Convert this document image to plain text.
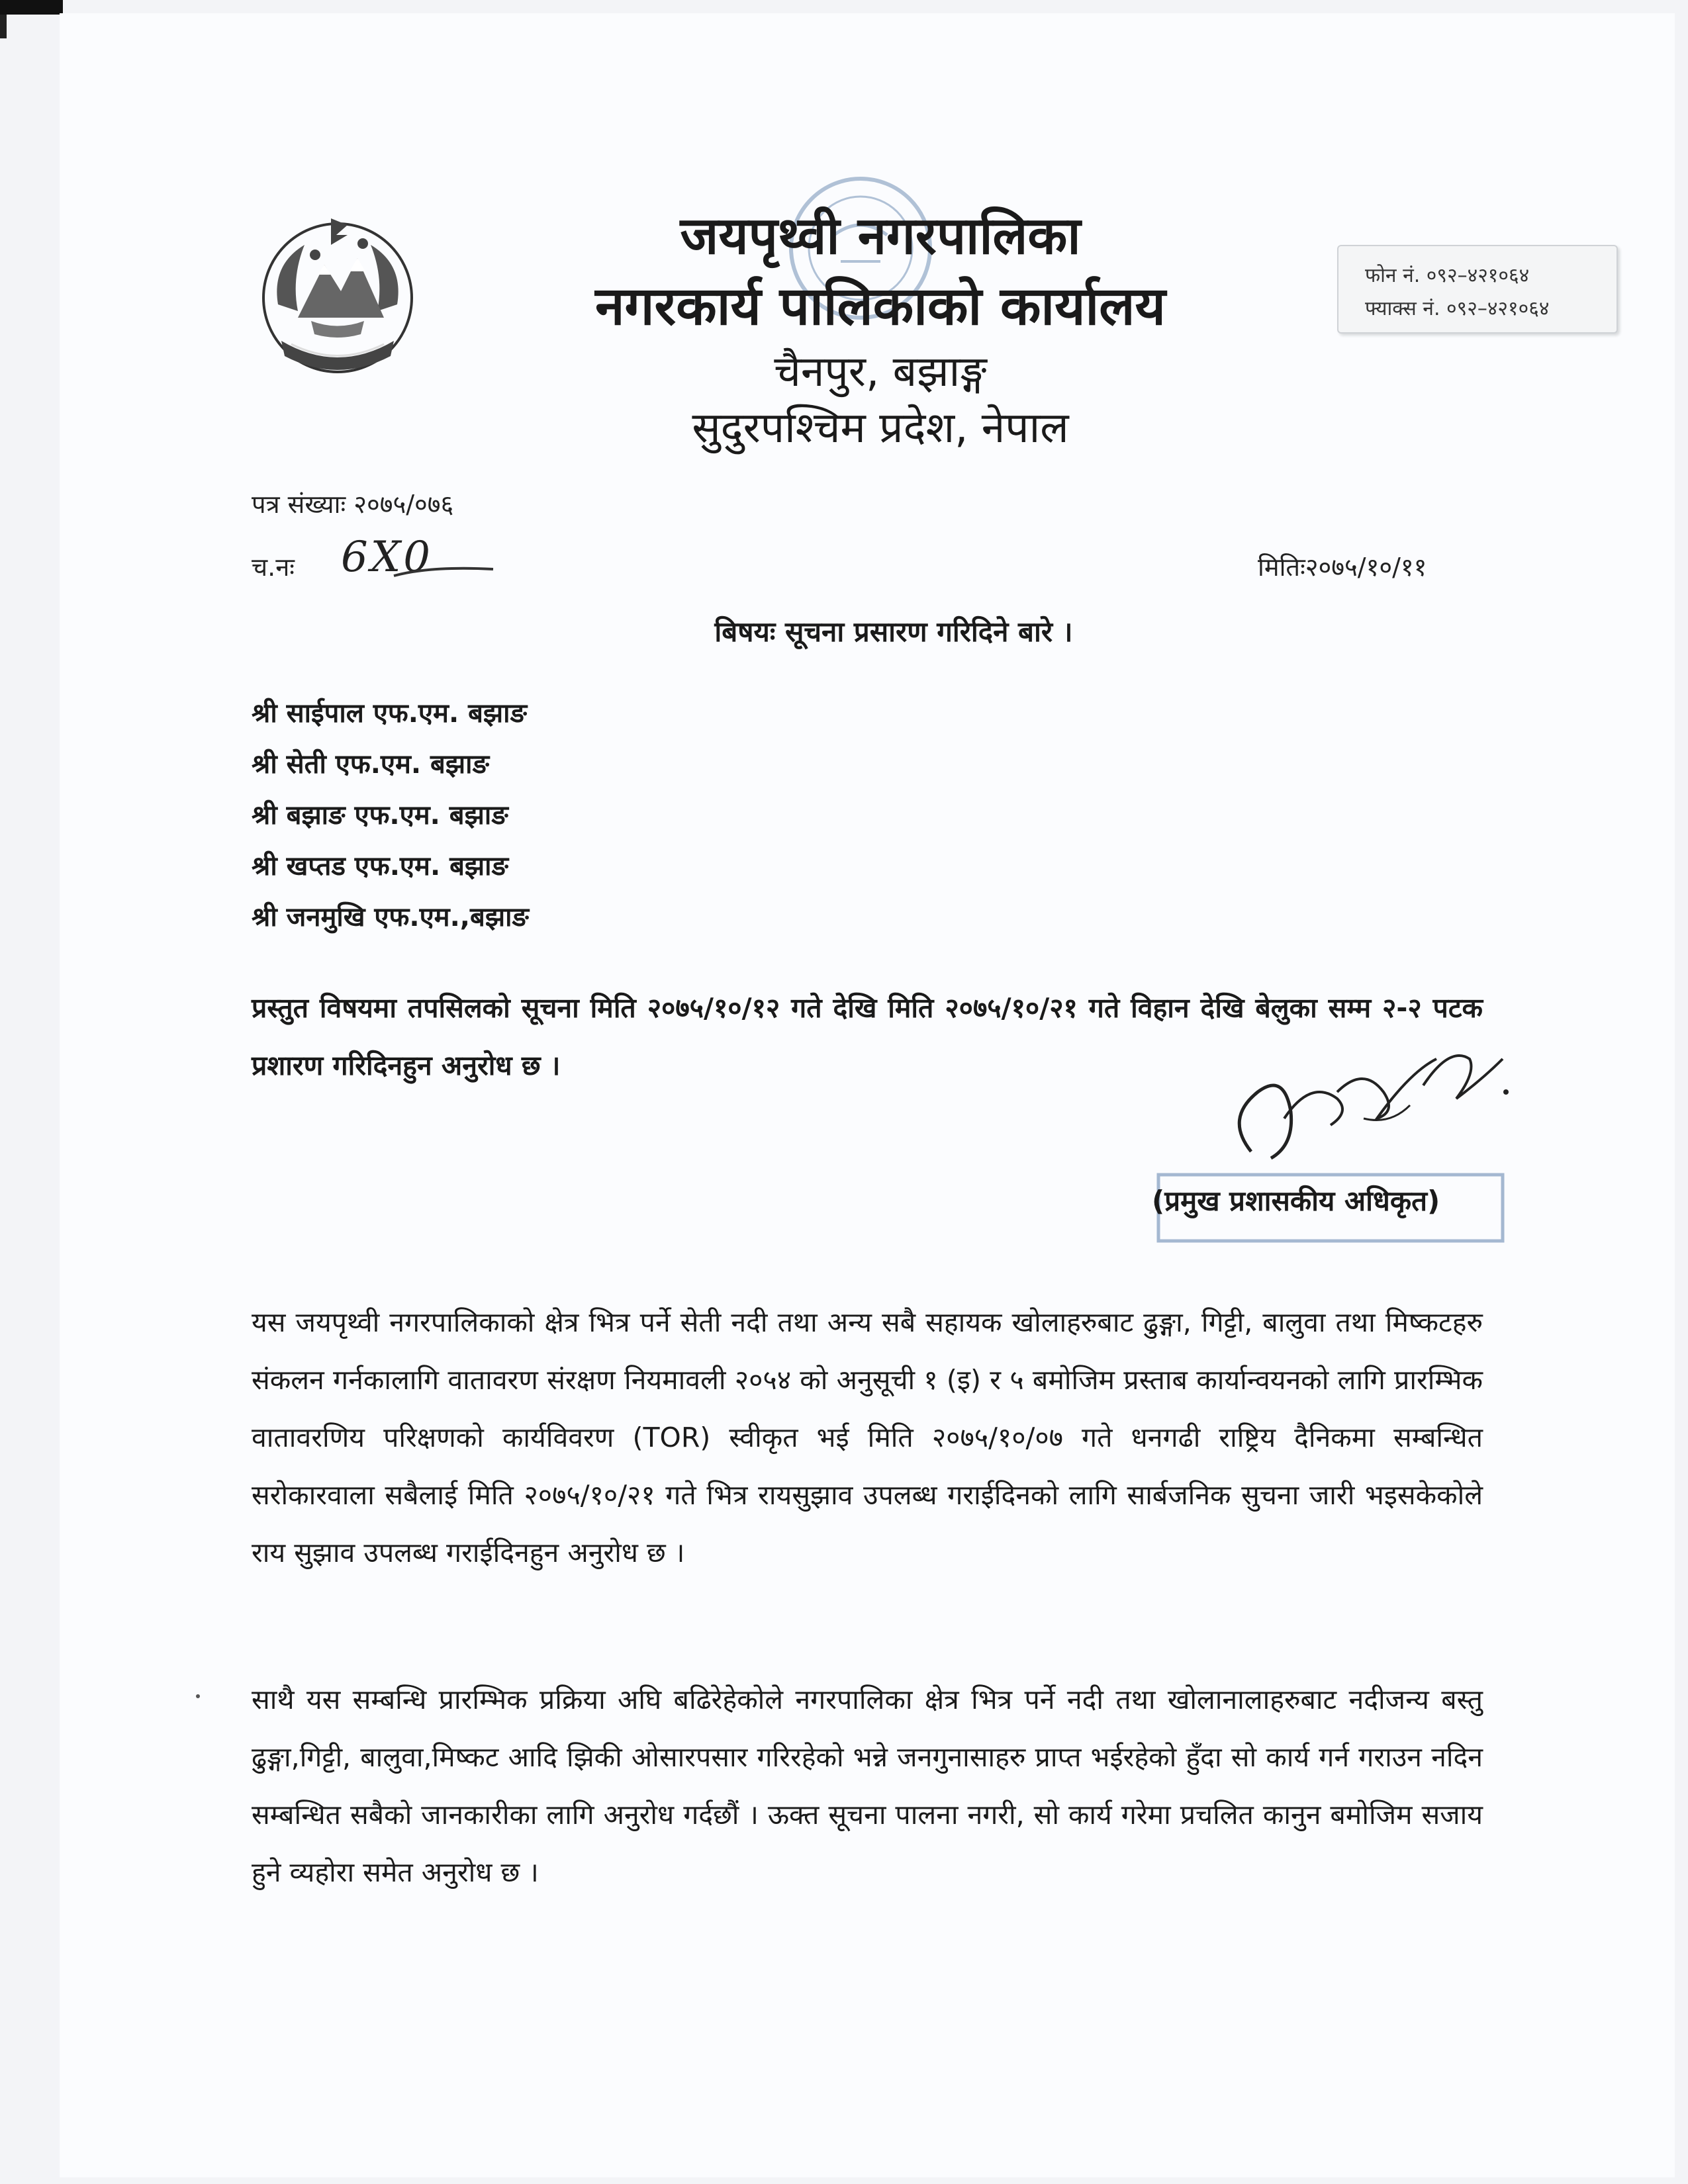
जयपृथ्वी नगरपालिका
नगरकार्य पालिकाको कार्यालय

चैनपुर, बझाङ्ग

सुदुरपश्चिम प्रदेश, नेपाल

फोन नं. ०९२–४२१०६४

फ्याक्स नं. ०९२–४२१०६४

पत्र संख्याः २०७५/०७६

च.नः 6X0	मितिः२०७५/१०/११

बिषयः सूचना प्रसारण गरिदिने बारे ।

श्री साईपाल एफ.एम. बझाङ
श्री सेती एफ.एम. बझाङ
श्री बझाङ एफ.एम. बझाङ
श्री खप्तड एफ.एम. बझाङ
श्री जनमुखि एफ.एम.,बझाङ

प्रस्तुत विषयमा तपसिलको सूचना मिति २०७५/१०/१२ गते देखि मिति २०७५/१०/२१ गते विहान देखि बेलुका सम्म २-२ पटक प्रशारण गरिदिनहुन अनुरोध छ ।

(प्रमुख प्रशासकीय अधिकृत)

यस जयपृथ्वी नगरपालिकाको क्षेत्र भित्र पर्ने सेती नदी तथा अन्य सबै सहायक खोलाहरुबाट ढुङ्गा, गिट्टी, बालुवा तथा मिष्कटहरु संकलन गर्नकालागि वातावरण संरक्षण नियमावली २०५४ को अनुसूची १ (इ) र ५ बमोजिम प्रस्ताब कार्यान्वयनको लागि प्रारम्भिक वातावरणिय परिक्षणको कार्यविवरण (TOR) स्वीकृत भई मिति २०७५/१०/०७ गते धनगढी राष्ट्रिय दैनिकमा सम्बन्धित सरोकारवाला सबैलाई मिति २०७५/१०/२१ गते भित्र रायसुझाव उपलब्ध गराईदिनको लागि सार्बजनिक सुचना जारी भइसकेकोले राय सुझाव उपलब्ध गराईदिनहुन अनुरोध छ ।

साथै यस सम्बन्धि प्रारम्भिक प्रक्रिया अघि बढिरेहेकोले नगरपालिका क्षेत्र भित्र पर्ने नदी तथा खोलानालाहरुबाट नदीजन्य बस्तु ढुङ्गा,गिट्टी, बालुवा,मिष्कट आदि झिकी ओसारपसार गरिरहेको भन्ने जनगुनासाहरु प्राप्त भईरहेको हुँदा सो कार्य गर्न गराउन नदिन सम्बन्धित सबैको जानकारीका लागि अनुरोध गर्दछौं । ऊक्त सूचना पालना नगरी, सो कार्य गरेमा प्रचलित कानुन बमोजिम सजाय हुने व्यहोरा समेत अनुरोध छ ।
